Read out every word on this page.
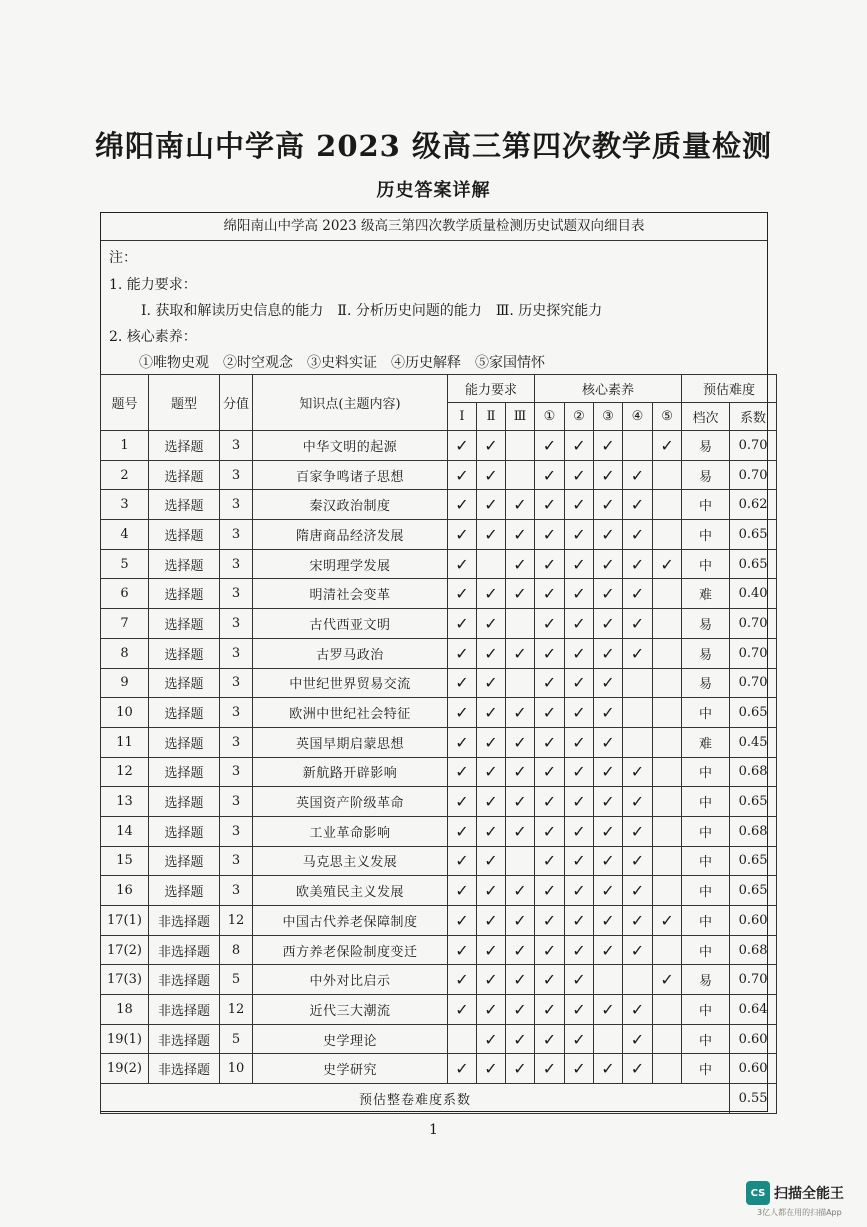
绵阳南山中学高 2023 级高三第四次教学质量检测
历史答案详解
绵阳南山中学高 2023 级高三第四次教学质量检测历史试题双向细目表
注：
1. 能力要求：
Ⅰ. 获取和解读历史信息的能力　Ⅱ. 分析历史问题的能力　Ⅲ. 历史探究能力
2. 核心素养：
①唯物史观　②时空观念　③史料实证　④历史解释　⑤家国情怀
题号	题型	分值	知识点(主题内容)	能力要求			核心素养					预估难度	
				Ⅰ	Ⅱ	Ⅲ	①	②	③	④	⑤	档次	系数
1	选择题	3	中华文明的起源	✓	✓		✓	✓	✓		✓	易	0.70
2	选择题	3	百家争鸣诸子思想	✓	✓		✓	✓	✓	✓		易	0.70
3	选择题	3	秦汉政治制度	✓	✓	✓	✓	✓	✓	✓		中	0.62
4	选择题	3	隋唐商品经济发展	✓	✓	✓	✓	✓	✓	✓		中	0.65
5	选择题	3	宋明理学发展	✓		✓	✓	✓	✓	✓	✓	中	0.65
6	选择题	3	明清社会变革	✓	✓	✓	✓	✓	✓	✓		难	0.40
7	选择题	3	古代西亚文明	✓	✓		✓	✓	✓	✓		易	0.70
8	选择题	3	古罗马政治	✓	✓	✓	✓	✓	✓	✓		易	0.70
9	选择题	3	中世纪世界贸易交流	✓	✓		✓	✓	✓			易	0.70
10	选择题	3	欧洲中世纪社会特征	✓	✓	✓	✓	✓	✓			中	0.65
11	选择题	3	英国早期启蒙思想	✓	✓	✓	✓	✓	✓			难	0.45
12	选择题	3	新航路开辟影响	✓	✓	✓	✓	✓	✓	✓		中	0.68
13	选择题	3	英国资产阶级革命	✓	✓	✓	✓	✓	✓	✓		中	0.65
14	选择题	3	工业革命影响	✓	✓	✓	✓	✓	✓	✓		中	0.68
15	选择题	3	马克思主义发展	✓	✓		✓	✓	✓	✓		中	0.65
16	选择题	3	欧美殖民主义发展	✓	✓	✓	✓	✓	✓	✓		中	0.65
17(1)	非选择题	12	中国古代养老保障制度	✓	✓	✓	✓	✓	✓	✓	✓	中	0.60
17(2)	非选择题	8	西方养老保险制度变迁	✓	✓	✓	✓	✓	✓	✓		中	0.68
17(3)	非选择题	5	中外对比启示	✓	✓	✓	✓	✓			✓	易	0.70
18	非选择题	12	近代三大潮流	✓	✓	✓	✓	✓	✓	✓		中	0.64
19(1)	非选择题	5	史学理论		✓	✓	✓	✓		✓		中	0.60
19(2)	非选择题	10	史学研究	✓	✓	✓	✓	✓	✓	✓		中	0.60
预估整卷难度系数													0.55
1
CS 扫描全能王
3亿人都在用的扫描App
